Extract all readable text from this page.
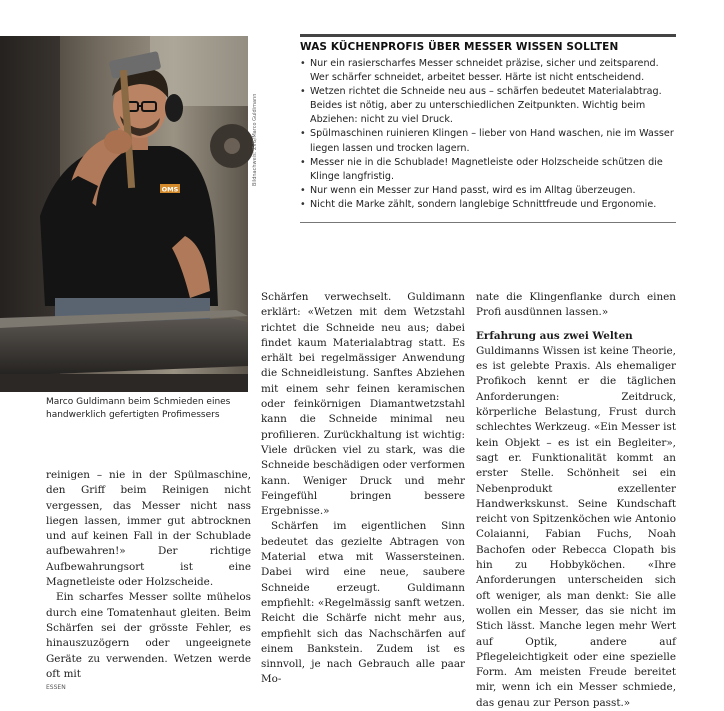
OMS
Bildnachweis: ZVG/Marco Guldimann
Marco Guldimann beim Schmieden eines handwerklich gefertigten Profimessers
WAS KÜCHENPROFIS ÜBER MESSER WISSEN SOLLTEN
• Nur ein rasierscharfes Messer schneidet präzise, sicher und zeitsparend. Wer schärfer schneidet, arbeitet besser. Härte ist nicht entscheidend.
• Wetzen richtet die Schneide neu aus – schärfen bedeutet Materialabtrag. Beides ist nötig, aber zu unterschiedlichen Zeitpunkten. Wichtig beim Abziehen: nicht zu viel Druck.
• Spülmaschinen ruinieren Klingen – lieber von Hand waschen, nie im Wasser liegen lassen und trocken lagern.
• Messer nie in die Schublade! Magnetleiste oder Holzscheide schützen die Klinge langfristig.
• Nur wenn ein Messer zur Hand passt, wird es im Alltag überzeugen.
• Nicht die Marke zählt, sondern langlebige Schnittfreude und Ergonomie.

reinigen – nie in der Spülmaschine, den Griff beim Reinigen nicht vergessen, das Messer nicht nass liegen lassen, immer gut abtrocknen und auf keinen Fall in der Schublade aufbewahren!» Der richtige Aufbewahrungsort ist eine Magnetleiste oder Holzscheide.

Ein scharfes Messer sollte mühelos durch eine Tomatenhaut gleiten. Beim Schärfen sei der grösste Fehler, es hinauszuzögern oder ungeeignete Geräte zu verwenden. Wetzen werde oft mit

Schärfen verwechselt. Guldimann erklärt: «Wetzen mit dem Wetzstahl richtet die Schneide neu aus; dabei findet kaum Materialabtrag statt. Es erhält bei regelmässiger Anwendung die Schneidleistung. Sanftes Abziehen mit einem sehr feinen keramischen oder feinkörnigen Diamantwetzstahl kann die Schneide minimal neu profilieren. Zurückhaltung ist wichtig: Viele drücken viel zu stark, was die Schneide beschädigen oder verformen kann. Weniger Druck und mehr Feingefühl bringen bessere Ergebnisse.»

Schärfen im eigentlichen Sinn bedeutet das gezielte Abtragen von Material etwa mit Wassersteinen. Dabei wird eine neue, saubere Schneide erzeugt. Guldimann empfiehlt: «Regelmässig sanft wetzen. Reicht die Schärfe nicht mehr aus, empfiehlt sich das Nachschärfen auf einem Bankstein. Zudem ist es sinnvoll, je nach Gebrauch alle paar Mo-

nate die Klingenflanke durch einen Profi ausdünnen lassen.»

Erfahrung aus zwei Welten

Guldimanns Wissen ist keine Theorie, es ist gelebte Praxis. Als ehemaliger Profikoch kennt er die täglichen Anforderungen: Zeitdruck, körperliche Belastung, Frust durch schlechtes Werkzeug. «Ein Messer ist kein Objekt – es ist ein Begleiter», sagt er. Funktionalität kommt an erster Stelle. Schönheit sei ein Nebenprodukt exzellenter Handwerkskunst. Seine Kundschaft reicht von Spitzenköchen wie Antonio Colaianni, Fabian Fuchs, Noah Bachofen oder Rebecca Clopath bis hin zu Hobbyköchen. «Ihre Anforderungen unterscheiden sich oft weniger, als man denkt: Sie alle wollen ein Messer, das sie nicht im Stich lässt. Manche legen mehr Wert auf Optik, andere auf Pflegeleichtigkeit oder eine spezielle Form. Am meisten Freude bereitet mir, wenn ich ein Messer schmiede, das genau zur Person passt.»

ESSEN
